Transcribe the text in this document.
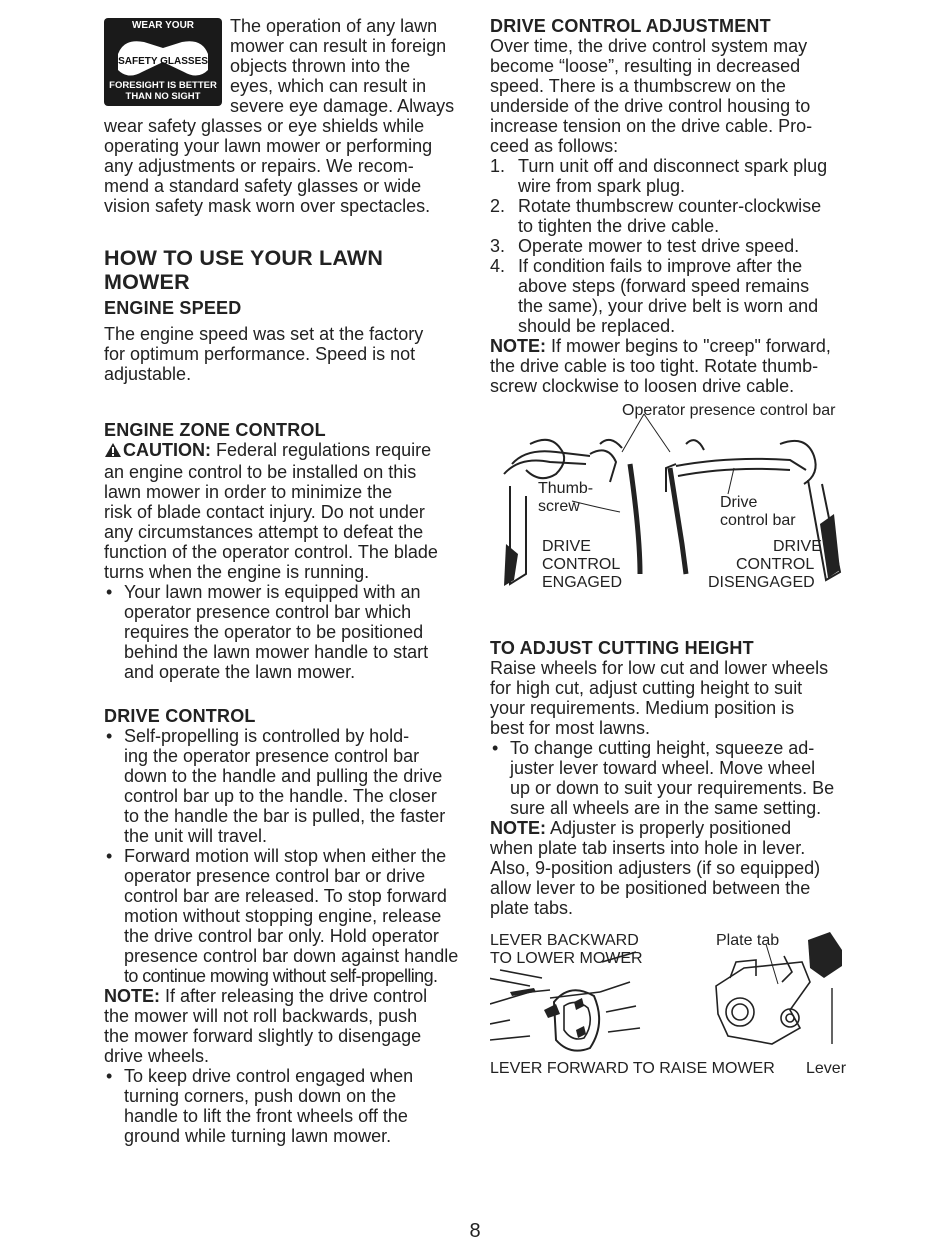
WEAR YOUR
SAFETY GLASSES
FORESIGHT IS BETTER
THAN NO SIGHT
The operation of any lawn
mower can result in foreign
objects thrown into the
eyes, which can result in
severe eye damage. Always
wear safety glasses or eye shields while
operating your lawn mower or performing
any adjustments or repairs. We recom-
mend a standard safety glasses or wide
vision safety mask worn over spectacles.
HOW TO USE YOUR LAWN MOWER
ENGINE SPEED
The engine speed was set at the factory
for optimum performance. Speed is not
adjustable.
ENGINE ZONE CONTROL
CAUTION: Federal regulations require
an engine control to be installed on this
lawn mower in order to minimize the
risk of blade contact injury. Do not under
any circumstances attempt to defeat the
function of the operator control. The blade
turns when the engine is running.
• Your lawn mower is equipped with an
operator presence control bar which
requires the operator to be positioned
behind the lawn mower handle to start
and operate the lawn mower.
DRIVE CONTROL
• Self-propelling is controlled by hold-
ing the operator presence control bar
down to the handle and pulling the drive
control bar up to the handle. The closer
to the handle the bar is pulled, the faster
the unit will travel.
• Forward motion will stop when either the
operator presence control bar or drive
control bar are released. To stop forward
motion without stopping engine, release
the drive control bar only. Hold operator
presence control bar down against handle
to continue mowing without self-propelling.
NOTE: If after releasing the drive control
the mower will not roll backwards, push
the mower forward slightly to disengage
drive wheels.
• To keep drive control engaged when
turning corners, push down on the
handle to lift the front wheels off the
ground while turning lawn mower.
DRIVE CONTROL ADJUSTMENT
Over time, the drive control system may
become “loose”, resulting in decreased
speed. There is a thumbscrew on the
underside of the drive control housing to
increase tension on the drive cable. Pro-
ceed as follows:
1. Turn unit off and disconnect spark plug
wire from spark plug.
2. Rotate thumbscrew counter-clockwise
to tighten the drive cable.
3. Operate mower to test drive speed.
4. If condition fails to improve after the
above steps (forward speed remains
the same), your drive belt is worn and
should be replaced.
NOTE: If mower begins to "creep" forward,
the drive cable is too tight. Rotate thumb-
screw clockwise to loosen drive cable.
Operator presence control bar
Thumb-
screw	Drive
control bar
DRIVE
CONTROL
ENGAGED
DRIVE
CONTROL
DISENGAGED
TO ADJUST CUTTING HEIGHT
Raise wheels for low cut and lower wheels
for high cut, adjust cutting height to suit
your requirements. Medium position is
best for most lawns.
• To change cutting height, squeeze ad-
juster lever toward wheel. Move wheel
up or down to suit your requirements. Be
sure all wheels are in the same setting.
NOTE: Adjuster is properly positioned
when plate tab inserts into hole in lever.
Also, 9-position adjusters (if so equipped)
allow lever to be positioned between the
plate tabs.
LEVER BACKWARD
TO LOWER MOWER
Plate tab
LEVER FORWARD TO RAISE MOWER Lever
8
